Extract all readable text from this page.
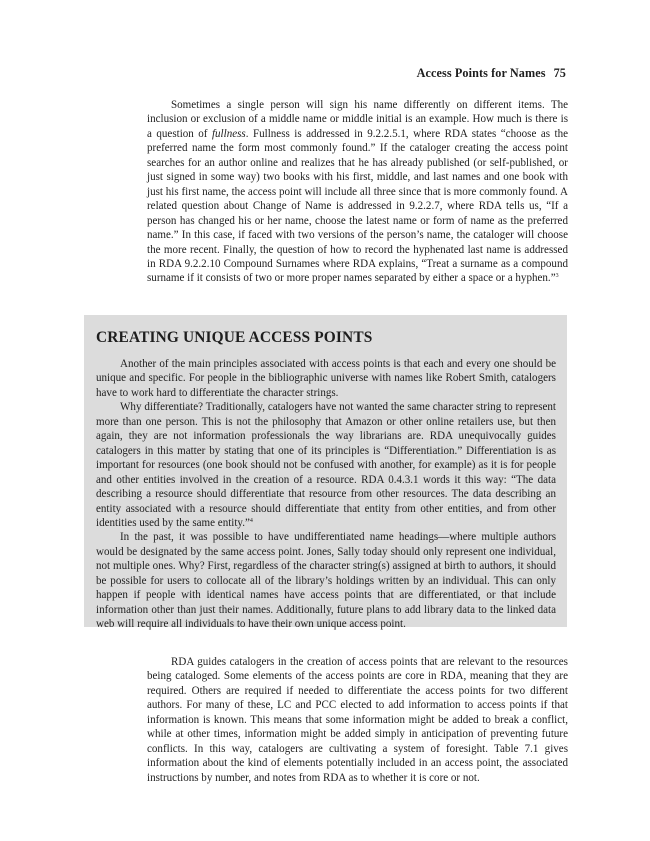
Access Points for Names 75

Sometimes a single person will sign his name differently on different items. The inclusion or exclusion of a middle name or middle initial is an example. How much is there is a question of fullness. Fullness is addressed in 9.2.2.5.1, where RDA states “choose as the preferred name the form most commonly found.” If the cataloger creating the access point searches for an author online and realizes that he has already published (or self-published, or just signed in some way) two books with his first, middle, and last names and one book with just his first name, the access point will include all three since that is more commonly found. A related question about Change of Name is addressed in 9.2.2.7, where RDA tells us, “If a person has changed his or her name, choose the latest name or form of name as the preferred name.” In this case, if faced with two versions of the person’s name, the cataloger will choose the more recent. Finally, the question of how to record the hyphenated last name is addressed in RDA 9.2.2.10 Compound Surnames where RDA explains, “Treat a surname as a compound surname if it consists of two or more proper names separated by either a space or a hyphen.”$^3$

CREATING UNIQUE ACCESS POINTS

Another of the main principles associated with access points is that each and every one should be unique and specific. For people in the bibliographic universe with names like Robert Smith, catalogers have to work hard to differentiate the character strings.

Why differentiate? Traditionally, catalogers have not wanted the same character string to represent more than one person. This is not the philosophy that Amazon or other online retailers use, but then again, they are not information professionals the way librarians are. RDA unequivocally guides catalogers in this matter by stating that one of its principles is “Differentiation.” Differentiation is as important for resources (one book should not be confused with another, for example) as it is for people and other entities involved in the creation of a resource. RDA 0.4.3.1 words it this way: “The data describing a resource should differentiate that resource from other resources. The data describing an entity associated with a resource should differentiate that entity from other entities, and from other identities used by the same entity.”$^4$

In the past, it was possible to have undifferentiated name headings—where multiple authors would be designated by the same access point. Jones, Sally today should only represent one individual, not multiple ones. Why? First, regardless of the character string(s) assigned at birth to authors, it should be possible for users to collocate all of the library’s holdings written by an individual. This can only happen if people with identical names have access points that are differentiated, or that include information other than just their names. Additionally, future plans to add library data to the linked data web will require all individuals to have their own unique access point.

RDA guides catalogers in the creation of access points that are relevant to the resources being cataloged. Some elements of the access points are core in RDA, meaning that they are required. Others are required if needed to differentiate the access points for two different authors. For many of these, LC and PCC elected to add information to access points if that information is known. This means that some information might be added to break a conflict, while at other times, information might be added simply in anticipation of preventing future conflicts. In this way, catalogers are cultivating a system of foresight. Table 7.1 gives information about the kind of elements potentially included in an access point, the associated instructions by number, and notes from RDA as to whether it is core or not.
